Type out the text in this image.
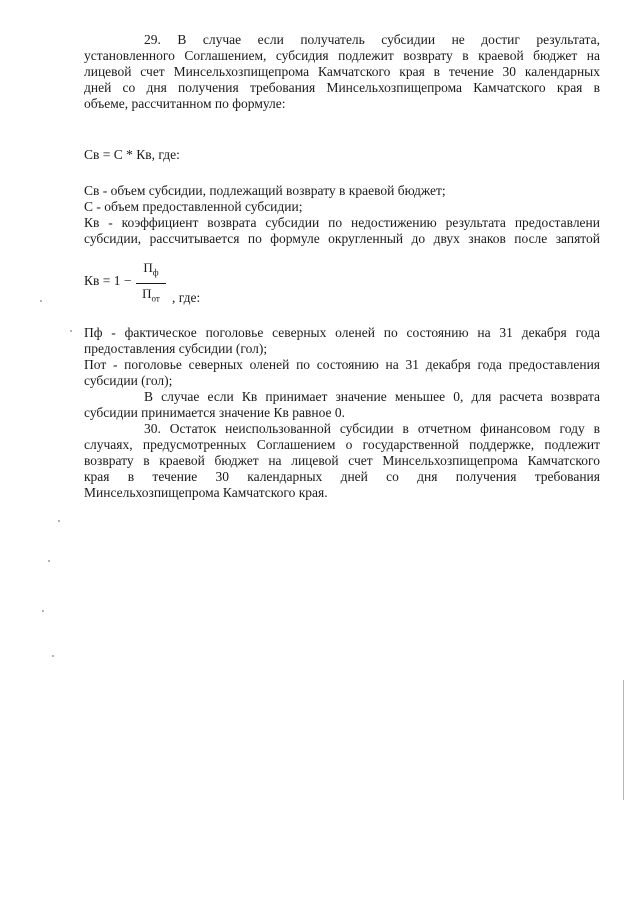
29. В случае если получатель субсидии не достиг результата,
установленного Соглашением, субсидия подлежит возврату в краевой бюджет на
лицевой счет Минсельхозпищепрома Камчатского края в течение 30 календарных
дней со дня получения требования Минсельхозпищепрома Камчатского края в
объеме, рассчитанном по формуле:
Св = С * Кв, где:
Св - объем субсидии, подлежащий возврату в краевой бюджет;
С - объем предоставленной субсидии;
Кв - коэффициент возврата субсидии по недостижению результата предоставлени
субсидии, рассчитывается по формуле округленный до двух знаков после запятой
Кв = 1 −
$П_ф$
$П_{от}$ , где:
Пф - фактическое поголовье северных оленей по состоянию на 31 декабря года
предоставления субсидии (гол);
Пот - поголовье северных оленей по состоянию на 31 декабря года предоставления
субсидии (гол);
В случае если Кв принимает значение меньшее 0, для расчета возврата
субсидии принимается значение Кв равное 0.
30. Остаток неиспользованной субсидии в отчетном финансовом году в
случаях, предусмотренных Соглашением о государственной поддержке, подлежит
возврату в краевой бюджет на лицевой счет Минсельхозпищепрома Камчатского
края в течение 30 календарных дней со дня получения требования
Минсельхозпищепрома Камчатского края.
